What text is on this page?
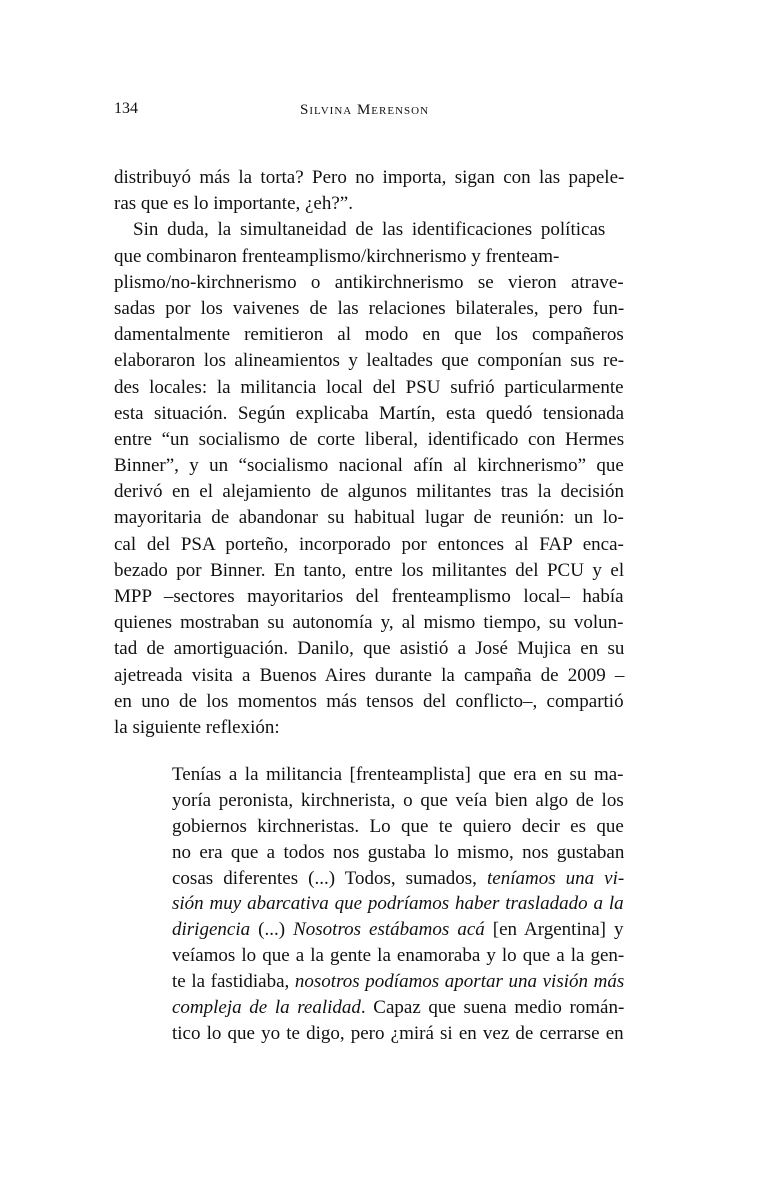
134	Silvina Merenson
distribuyó más la torta? Pero no importa, sigan con las papele-
ras que es lo importante, ¿eh?”.
Sin duda, la simultaneidad de las identificaciones políticas
que combinaron frenteamplismo/kirchnerismo y frenteam-
plismo/no-kirchnerismo o antikirchnerismo se vieron atrave-
sadas por los vaivenes de las relaciones bilaterales, pero fun-
damentalmente remitieron al modo en que los compañeros
elaboraron los alineamientos y lealtades que componían sus re-
des locales: la militancia local del PSU sufrió particularmente
esta situación. Según explicaba Martín, esta quedó tensionada
entre “un socialismo de corte liberal, identificado con Hermes
Binner”, y un “socialismo nacional afín al kirchnerismo” que
derivó en el alejamiento de algunos militantes tras la decisión
mayoritaria de abandonar su habitual lugar de reunión: un lo-
cal del PSA porteño, incorporado por entonces al FAP enca-
bezado por Binner. En tanto, entre los militantes del PCU y el
MPP –sectores mayoritarios del frenteamplismo local– había
quienes mostraban su autonomía y, al mismo tiempo, su volun-
tad de amortiguación. Danilo, que asistió a José Mujica en su
ajetreada visita a Buenos Aires durante la campaña de 2009 –
en uno de los momentos más tensos del conflicto–, compartió
la siguiente reflexión:

Tenías a la militancia [frenteamplista] que era en su ma-
yoría peronista, kirchnerista, o que veía bien algo de los
gobiernos kirchneristas. Lo que te quiero decir es que
no era que a todos nos gustaba lo mismo, nos gustaban
cosas diferentes (...) Todos, sumados, teníamos una vi-
sión muy abarcativa que podríamos haber trasladado a la
dirigencia (...) Nosotros estábamos acá [en Argentina] y
veíamos lo que a la gente la enamoraba y lo que a la gen-
te la fastidiaba, nosotros podíamos aportar una visión más
compleja de la realidad. Capaz que suena medio román-
tico lo que yo te digo, pero ¿mirá si en vez de cerrarse en
